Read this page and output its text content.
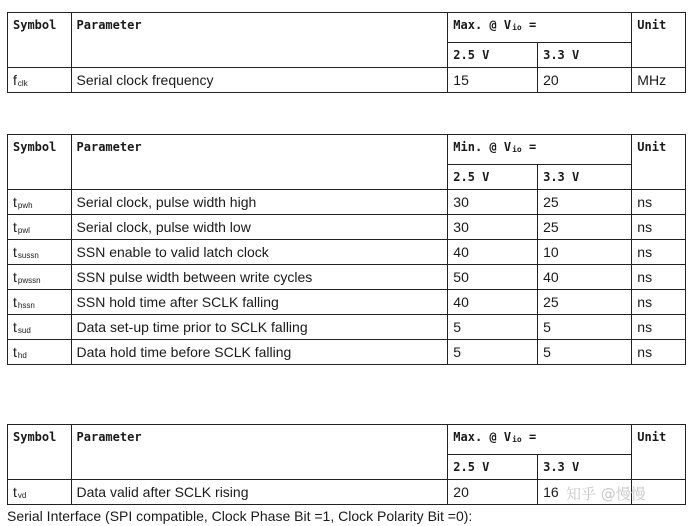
Symbol	Parameter	Max. @ Vio =		Unit
		2.5 V	3.3 V	
fclk	Serial clock frequency	15	20	MHz
Symbol	Parameter	Min. @ Vio =		Unit
		2.5 V	3.3 V	
tpwh	Serial clock, pulse width high	30	25	ns
tpwl	Serial clock, pulse width low	30	25	ns
tsussn	SSN enable to valid latch clock	40	10	ns
tpwssn	SSN pulse width between write cycles	50	40	ns
thssn	SSN hold time after SCLK falling	40	25	ns
tsud	Data set-up time prior to SCLK falling	5	5	ns
thd	Data hold time before SCLK falling	5	5	ns
Symbol	Parameter	Max. @ Vio =		Unit
		2.5 V	3.3 V	
tvd	Data valid after SCLK rising	20	16	
Serial Interface (SPI compatible, Clock Phase Bit =1, Clock Polarity Bit =0):
知乎 @慢慢
